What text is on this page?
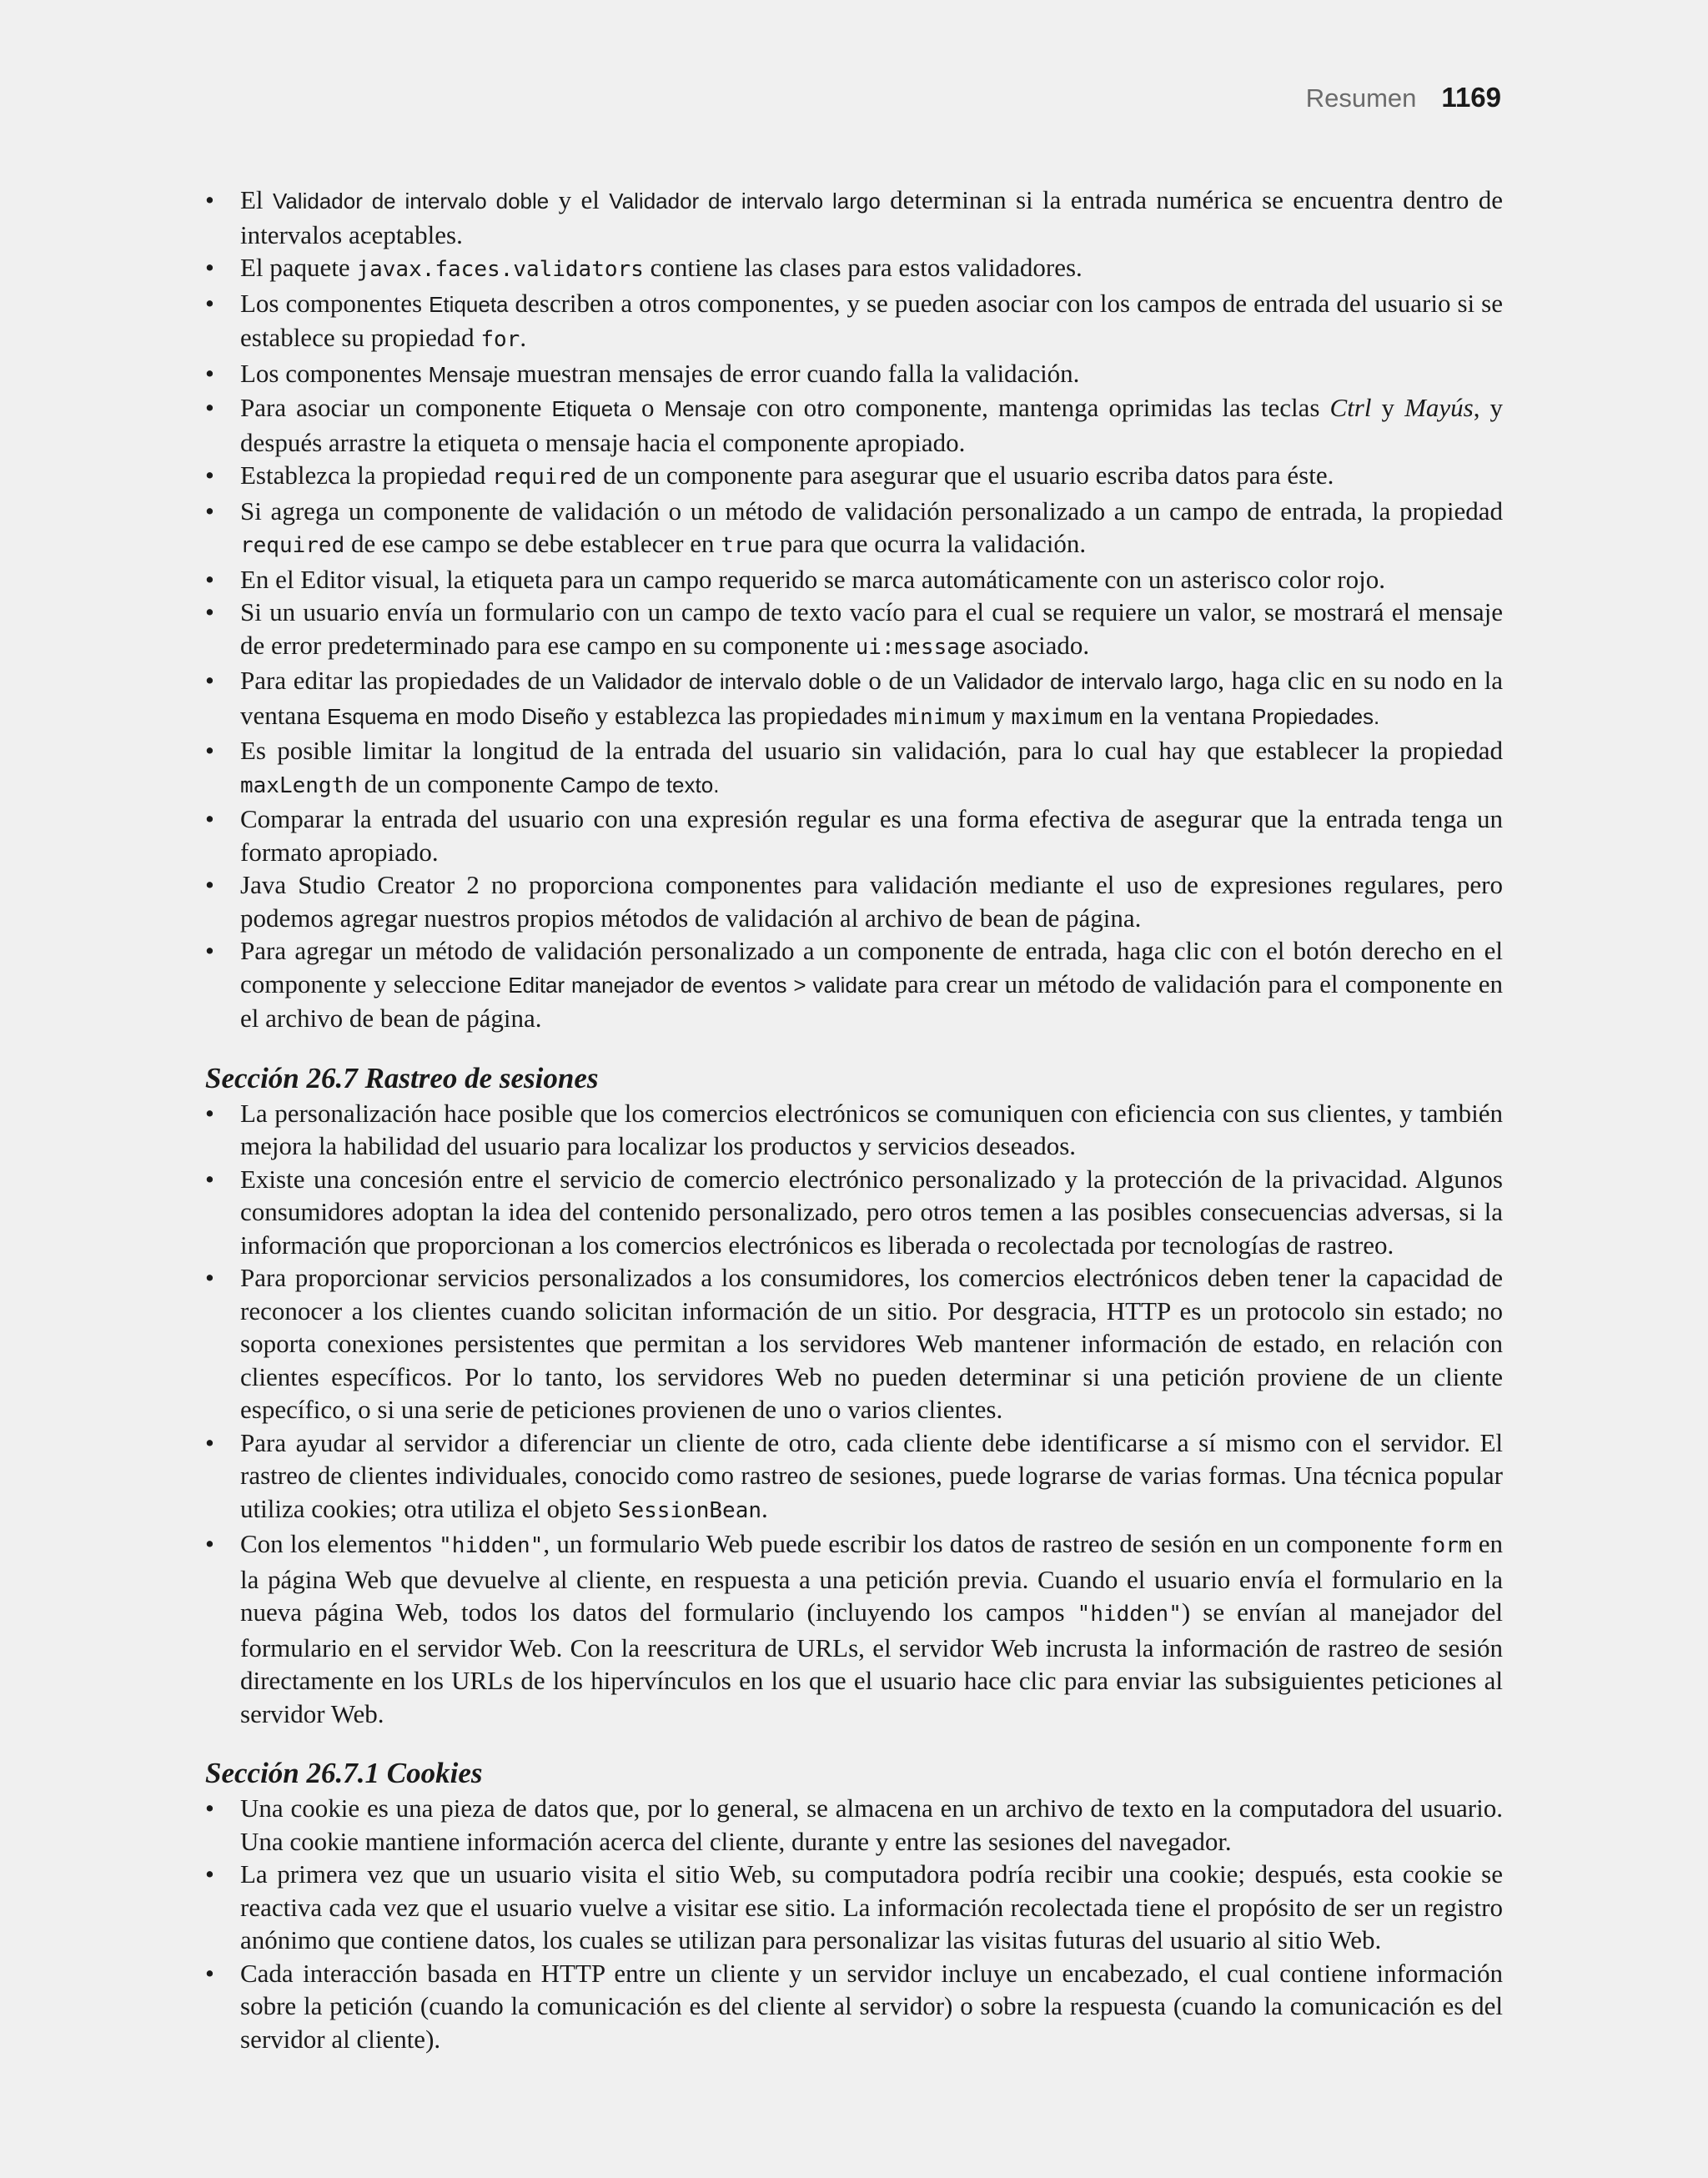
Resumen 1169
• El Validador de intervalo doble y el Validador de intervalo largo determinan si la entrada numérica se encuentra dentro de intervalos aceptables.
• El paquete javax.faces.validators contiene las clases para estos validadores.
• Los componentes Etiqueta describen a otros componentes, y se pueden asociar con los campos de entrada del usuario si se establece su propiedad for.
• Los componentes Mensaje muestran mensajes de error cuando falla la validación.
• Para asociar un componente Etiqueta o Mensaje con otro componente, mantenga oprimidas las teclas Ctrl y Mayús, y después arrastre la etiqueta o mensaje hacia el componente apropiado.
• Establezca la propiedad required de un componente para asegurar que el usuario escriba datos para éste.
• Si agrega un componente de validación o un método de validación personalizado a un campo de entrada, la propiedad required de ese campo se debe establecer en true para que ocurra la validación.
• En el Editor visual, la etiqueta para un campo requerido se marca automáticamente con un asterisco color rojo.
• Si un usuario envía un formulario con un campo de texto vacío para el cual se requiere un valor, se mostrará el mensaje de error predeterminado para ese campo en su componente ui:message asociado.
• Para editar las propiedades de un Validador de intervalo doble o de un Validador de intervalo largo, haga clic en su nodo en la ventana Esquema en modo Diseño y establezca las propiedades minimum y maximum en la ventana Propiedades.
• Es posible limitar la longitud de la entrada del usuario sin validación, para lo cual hay que establecer la propiedad maxLength de un componente Campo de texto.
• Comparar la entrada del usuario con una expresión regular es una forma efectiva de asegurar que la entrada tenga un formato apropiado.
• Java Studio Creator 2 no proporciona componentes para validación mediante el uso de expresiones regulares, pero podemos agregar nuestros propios métodos de validación al archivo de bean de página.
• Para agregar un método de validación personalizado a un componente de entrada, haga clic con el botón derecho en el componente y seleccione Editar manejador de eventos > validate para crear un método de validación para el componente en el archivo de bean de página.
Sección 26.7 Rastreo de sesiones
• La personalización hace posible que los comercios electrónicos se comuniquen con eficiencia con sus clientes, y también mejora la habilidad del usuario para localizar los productos y servicios deseados.
• Existe una concesión entre el servicio de comercio electrónico personalizado y la protección de la privacidad. Algunos consumidores adoptan la idea del contenido personalizado, pero otros temen a las posibles consecuencias adversas, si la información que proporcionan a los comercios electrónicos es liberada o recolectada por tecnologías de rastreo.
• Para proporcionar servicios personalizados a los consumidores, los comercios electrónicos deben tener la capacidad de reconocer a los clientes cuando solicitan información de un sitio. Por desgracia, HTTP es un protocolo sin estado; no soporta conexiones persistentes que permitan a los servidores Web mantener información de estado, en relación con clientes específicos. Por lo tanto, los servidores Web no pueden determinar si una petición proviene de un cliente específico, o si una serie de peticiones provienen de uno o varios clientes.
• Para ayudar al servidor a diferenciar un cliente de otro, cada cliente debe identificarse a sí mismo con el servidor. El rastreo de clientes individuales, conocido como rastreo de sesiones, puede lograrse de varias formas. Una técnica popular utiliza cookies; otra utiliza el objeto SessionBean.
• Con los elementos "hidden", un formulario Web puede escribir los datos de rastreo de sesión en un componente form en la página Web que devuelve al cliente, en respuesta a una petición previa. Cuando el usuario envía el formulario en la nueva página Web, todos los datos del formulario (incluyendo los campos "hidden") se envían al manejador del formulario en el servidor Web. Con la reescritura de URLs, el servidor Web incrusta la información de rastreo de sesión directamente en los URLs de los hipervínculos en los que el usuario hace clic para enviar las subsiguientes peticiones al servidor Web.
Sección 26.7.1 Cookies
• Una cookie es una pieza de datos que, por lo general, se almacena en un archivo de texto en la computadora del usuario. Una cookie mantiene información acerca del cliente, durante y entre las sesiones del navegador.
• La primera vez que un usuario visita el sitio Web, su computadora podría recibir una cookie; después, esta cookie se reactiva cada vez que el usuario vuelve a visitar ese sitio. La información recolectada tiene el propósito de ser un registro anónimo que contiene datos, los cuales se utilizan para personalizar las visitas futuras del usuario al sitio Web.
• Cada interacción basada en HTTP entre un cliente y un servidor incluye un encabezado, el cual contiene información sobre la petición (cuando la comunicación es del cliente al servidor) o sobre la respuesta (cuando la comunicación es del servidor al cliente).
